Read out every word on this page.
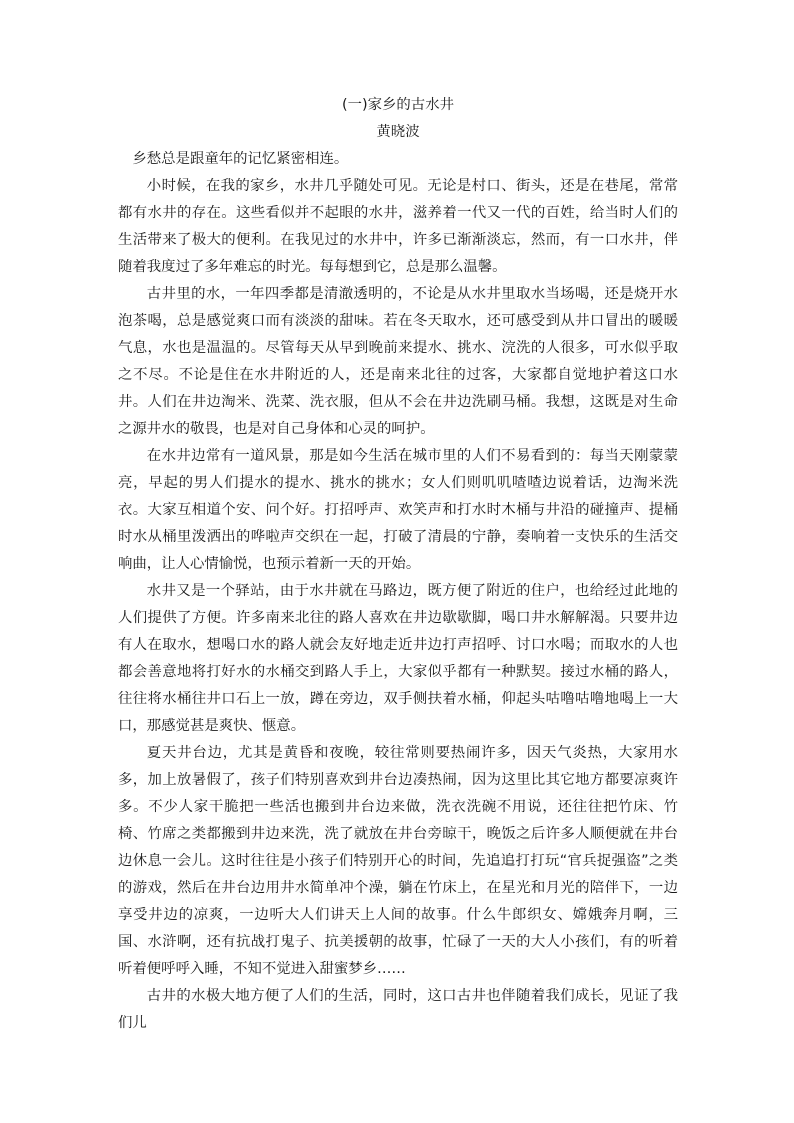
(一)家乡的古水井
黄晓波

乡愁总是跟童年的记忆紧密相连。

小时候，在我的家乡，水井几乎随处可见。无论是村口、街头，还是在巷尾，常常都有水井的存在。这些看似并不起眼的水井，滋养着一代又一代的百姓，给当时人们的生活带来了极大的便利。在我见过的水井中，许多已渐渐淡忘，然而，有一口水井，伴随着我度过了多年难忘的时光。每每想到它，总是那么温馨。

古井里的水，一年四季都是清澈透明的，不论是从水井里取水当场喝，还是烧开水泡茶喝，总是感觉爽口而有淡淡的甜味。若在冬天取水，还可感受到从井口冒出的暖暖气息，水也是温温的。尽管每天从早到晚前来提水、挑水、浣洗的人很多，可水似乎取之不尽。不论是住在水井附近的人，还是南来北往的过客，大家都自觉地护着这口水井。人们在井边淘米、洗菜、洗衣服，但从不会在井边洗刷马桶。我想，这既是对生命之源井水的敬畏，也是对自己身体和心灵的呵护。

在水井边常有一道风景，那是如今生活在城市里的人们不易看到的：每当天刚蒙蒙亮，早起的男人们提水的提水、挑水的挑水；女人们则叽叽喳喳边说着话，边淘米洗衣。大家互相道个安、问个好。打招呼声、欢笑声和打水时木桶与井沿的碰撞声、提桶时水从桶里泼洒出的哗啦声交织在一起，打破了清晨的宁静，奏响着一支快乐的生活交响曲，让人心情愉悦，也预示着新一天的开始。

水井又是一个驿站，由于水井就在马路边，既方便了附近的住户，也给经过此地的人们提供了方便。许多南来北往的路人喜欢在井边歇歇脚，喝口井水解解渴。只要井边有人在取水，想喝口水的路人就会友好地走近井边打声招呼、讨口水喝；而取水的人也都会善意地将打好水的水桶交到路人手上，大家似乎都有一种默契。接过水桶的路人，往往将水桶往井口石上一放，蹲在旁边，双手侧扶着水桶，仰起头咕噜咕噜地喝上一大口，那感觉甚是爽快、惬意。

夏天井台边，尤其是黄昏和夜晚，较往常则要热闹许多，因天气炎热，大家用水多，加上放暑假了，孩子们特别喜欢到井台边凑热闹，因为这里比其它地方都要凉爽许多。不少人家干脆把一些活也搬到井台边来做，洗衣洗碗不用说，还往往把竹床、竹椅、竹席之类都搬到井边来洗，洗了就放在井台旁晾干，晚饭之后许多人顺便就在井台边休息一会儿。这时往往是小孩子们特别开心的时间，先追追打打玩“官兵捉强盗”之类的游戏，然后在井台边用井水简单冲个澡，躺在竹床上，在星光和月光的陪伴下，一边享受井边的凉爽，一边听大人们讲天上人间的故事。什么牛郎织女、嫦娥奔月啊，三国、水浒啊，还有抗战打鬼子、抗美援朝的故事，忙碌了一天的大人小孩们，有的听着听着便呼呼入睡，不知不觉进入甜蜜梦乡……

古井的水极大地方便了人们的生活，同时，这口古井也伴随着我们成长，见证了我们儿
